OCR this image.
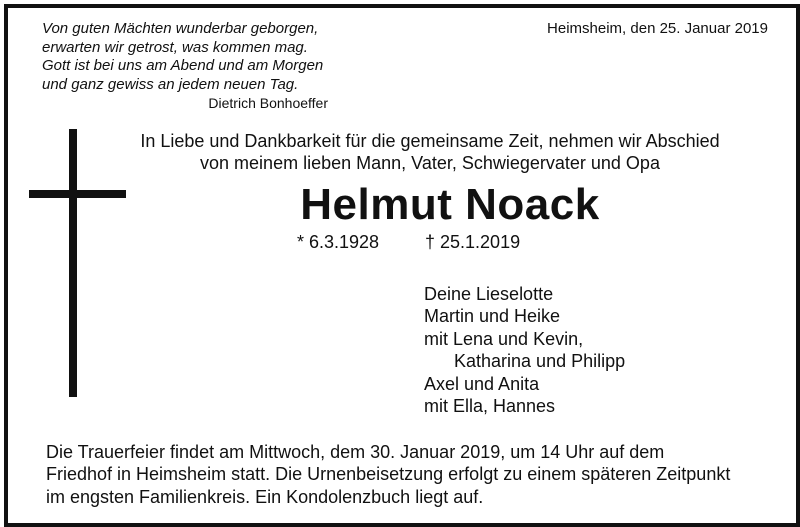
Von guten Mächten wunderbar geborgen,
erwarten wir getrost, was kommen mag.
Gott ist bei uns am Abend und am Morgen
und ganz gewiss an jedem neuen Tag.
Dietrich Bonhoeffer
Heimsheim, den 25. Januar 2019
In Liebe und Dankbarkeit für die gemeinsame Zeit, nehmen wir Abschied
von meinem lieben Mann, Vater, Schwiegervater und Opa
Helmut Noack
* 6.3.1928	† 25.1.2019
Deine Lieselotte
Martin und Heike
mit Lena und Kevin,
Katharina und Philipp
Axel und Anita
mit Ella, Hannes
Die Trauerfeier findet am Mittwoch, dem 30. Januar 2019, um 14 Uhr auf dem
Friedhof in Heimsheim statt. Die Urnenbeisetzung erfolgt zu einem späteren Zeitpunkt
im engsten Familienkreis. Ein Kondolenzbuch liegt auf.
